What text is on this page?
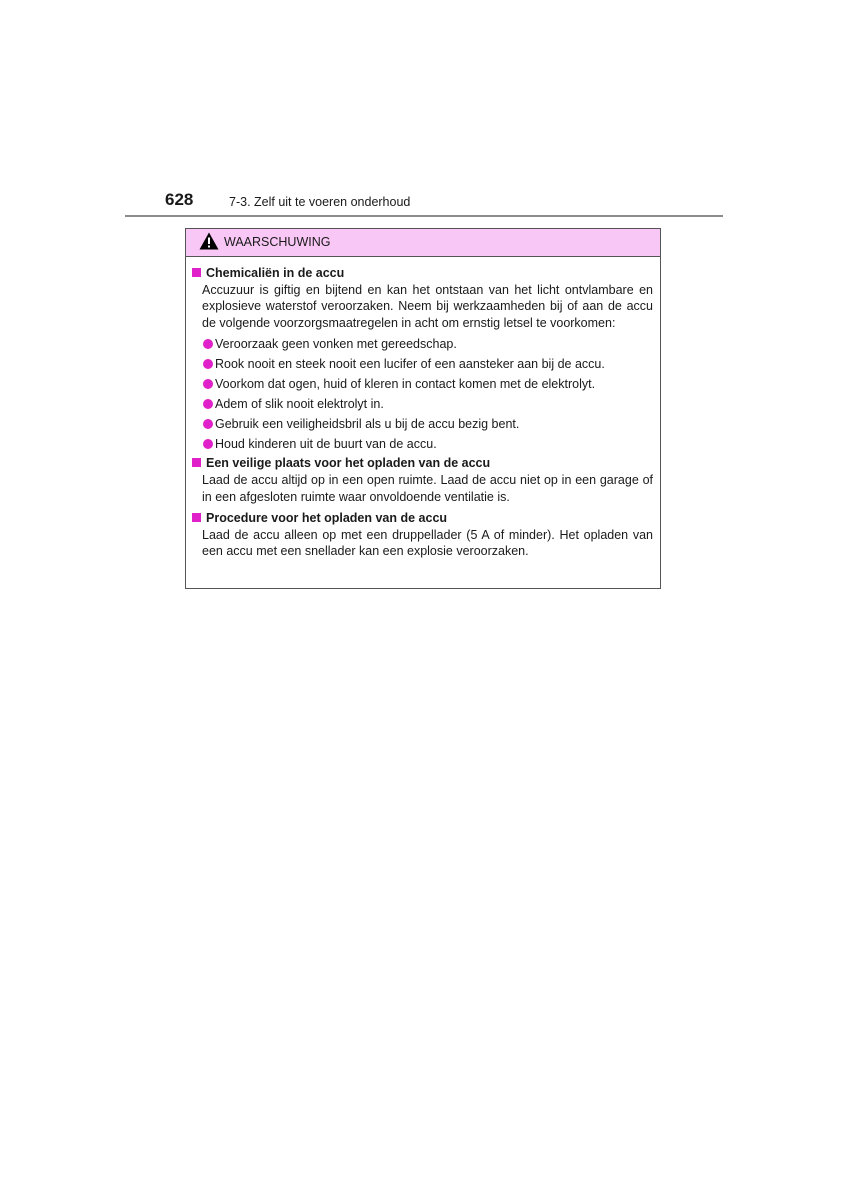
628	7-3. Zelf uit te voeren onderhoud
WAARSCHUWING
Chemicaliën in de accu
Accuzuur is giftig en bijtend en kan het ontstaan van het licht ontvlambare en explosieve waterstof veroorzaken. Neem bij werkzaamheden bij of aan de accu de volgende voorzorgsmaatregelen in acht om ernstig letsel te voorkomen:
Veroorzaak geen vonken met gereedschap.
Rook nooit en steek nooit een lucifer of een aansteker aan bij de accu.
Voorkom dat ogen, huid of kleren in contact komen met de elektrolyt.
Adem of slik nooit elektrolyt in.
Gebruik een veiligheidsbril als u bij de accu bezig bent.
Houd kinderen uit de buurt van de accu.
Een veilige plaats voor het opladen van de accu
Laad de accu altijd op in een open ruimte. Laad de accu niet op in een garage of in een afgesloten ruimte waar onvoldoende ventilatie is.
Procedure voor het opladen van de accu
Laad de accu alleen op met een druppellader (5 A of minder). Het opladen van een accu met een snellader kan een explosie veroorzaken.
